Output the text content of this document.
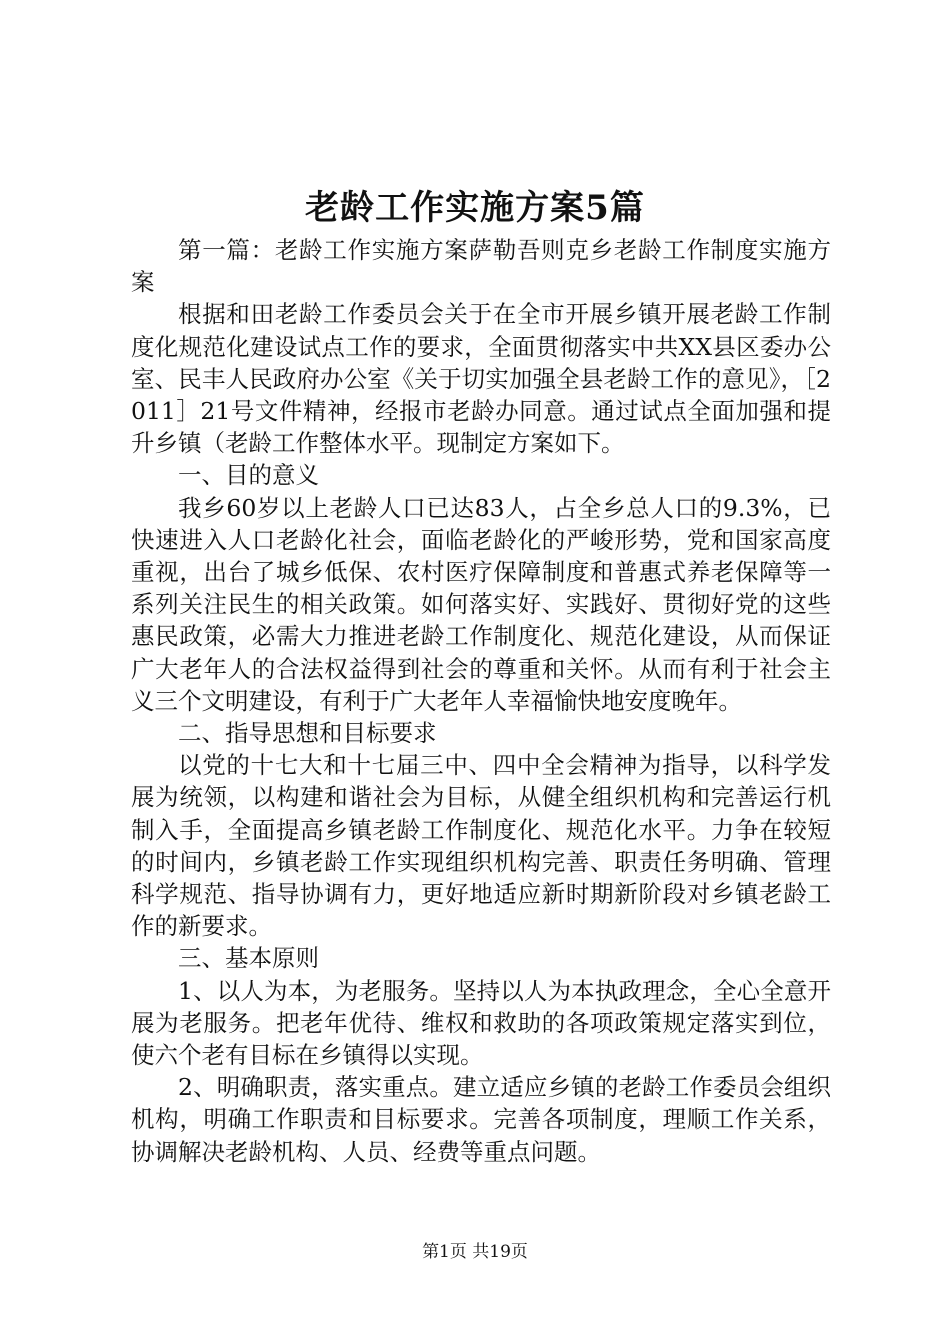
老龄工作实施方案5篇

第一篇：老龄工作实施方案萨勒吾则克乡老龄工作制度实施方案

根据和田老龄工作委员会关于在全市开展乡镇开展老龄工作制度化规范化建设试点工作的要求，全面贯彻落实中共XX县区委办公室、民丰人民政府办公室《关于切实加强全县老龄工作的意见》，［2011］21号文件精神，经报市老龄办同意。通过试点全面加强和提升乡镇（老龄工作整体水平。现制定方案如下。

一、目的意义

我乡60岁以上老龄人口已达83人，占全乡总人口的9.3%，已快速进入人口老龄化社会，面临老龄化的严峻形势，党和国家高度重视，出台了城乡低保、农村医疗保障制度和普惠式养老保障等一系列关注民生的相关政策。如何落实好、实践好、贯彻好党的这些惠民政策，必需大力推进老龄工作制度化、规范化建设，从而保证广大老年人的合法权益得到社会的尊重和关怀。从而有利于社会主义三个文明建设，有利于广大老年人幸福愉快地安度晚年。

二、指导思想和目标要求

以党的十七大和十七届三中、四中全会精神为指导，以科学发展为统领，以构建和谐社会为目标，从健全组织机构和完善运行机制入手，全面提高乡镇老龄工作制度化、规范化水平。力争在较短的时间内，乡镇老龄工作实现组织机构完善、职责任务明确、管理科学规范、指导协调有力，更好地适应新时期新阶段对乡镇老龄工作的新要求。

三、基本原则

1、以人为本，为老服务。坚持以人为本执政理念，全心全意开展为老服务。把老年优待、维权和救助的各项政策规定落实到位，使六个老有目标在乡镇得以实现。

2、明确职责，落实重点。建立适应乡镇的老龄工作委员会组织机构，明确工作职责和目标要求。完善各项制度，理顺工作关系，协调解决老龄机构、人员、经费等重点问题。

第1页 共19页
